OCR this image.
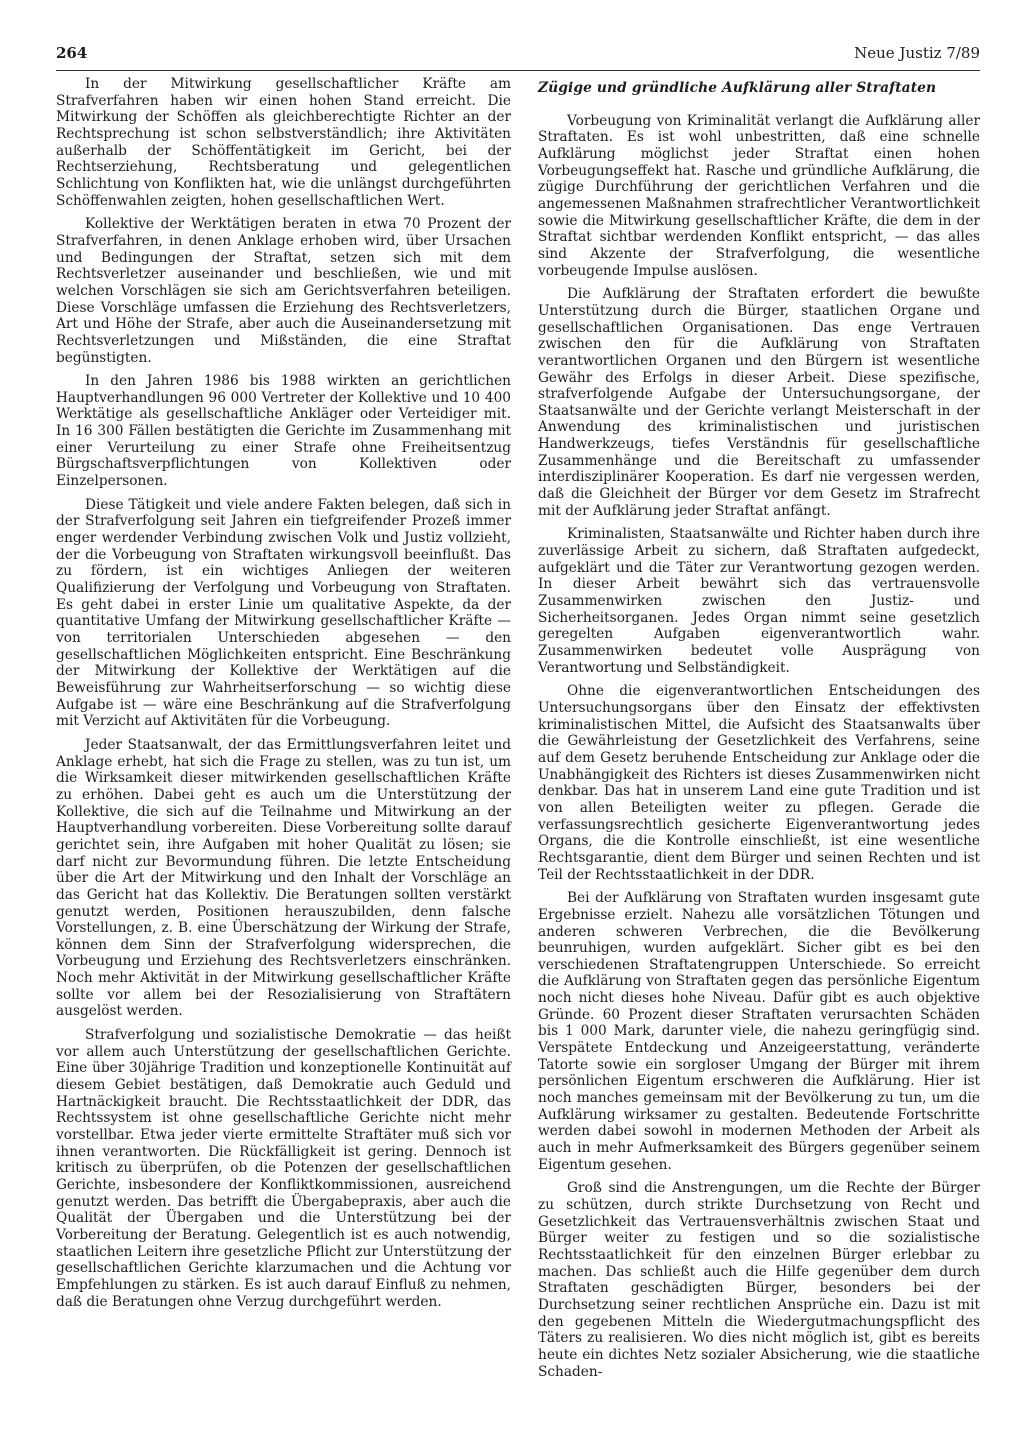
264	Neue Justiz 7/89

In der Mitwirkung gesellschaftlicher Kräfte am Strafverfahren haben wir einen hohen Stand erreicht. Die Mitwirkung der Schöffen als gleichberechtigte Richter an der Rechtsprechung ist schon selbstverständlich; ihre Aktivitäten außerhalb der Schöffentätigkeit im Gericht, bei der Rechtserziehung, Rechtsberatung und gelegentlichen Schlichtung von Konflikten hat, wie die unlängst durchgeführten Schöffenwahlen zeigten, hohen gesellschaftlichen Wert.

Kollektive der Werktätigen beraten in etwa 70 Prozent der Strafverfahren, in denen Anklage erhoben wird, über Ursachen und Bedingungen der Straftat, setzen sich mit dem Rechtsverletzer auseinander und beschließen, wie und mit welchen Vorschlägen sie sich am Gerichtsverfahren beteiligen. Diese Vorschläge umfassen die Erziehung des Rechtsverletzers, Art und Höhe der Strafe, aber auch die Auseinandersetzung mit Rechtsverletzungen und Mißständen, die eine Straftat begünstigten.

In den Jahren 1986 bis 1988 wirkten an gerichtlichen Hauptverhandlungen 96 000 Vertreter der Kollektive und 10 400 Werktätige als gesellschaftliche Ankläger oder Verteidiger mit. In 16 300 Fällen bestätigten die Gerichte im Zusammenhang mit einer Verurteilung zu einer Strafe ohne Freiheitsentzug Bürgschaftsverpflichtungen von Kollektiven oder Einzelpersonen.

Diese Tätigkeit und viele andere Fakten belegen, daß sich in der Strafverfolgung seit Jahren ein tiefgreifender Prozeß immer enger werdender Verbindung zwischen Volk und Justiz vollzieht, der die Vorbeugung von Straftaten wirkungsvoll beeinflußt. Das zu fördern, ist ein wichtiges Anliegen der weiteren Qualifizierung der Verfolgung und Vorbeugung von Straftaten. Es geht dabei in erster Linie um qualitative Aspekte, da der quantitative Umfang der Mitwirkung gesellschaftlicher Kräfte — von territorialen Unterschieden abgesehen — den gesellschaftlichen Möglichkeiten entspricht. Eine Beschränkung der Mitwirkung der Kollektive der Werktätigen auf die Beweisführung zur Wahrheitserforschung — so wichtig diese Aufgabe ist — wäre eine Beschränkung auf die Strafverfolgung mit Verzicht auf Aktivitäten für die Vorbeugung.

Jeder Staatsanwalt, der das Ermittlungsverfahren leitet und Anklage erhebt, hat sich die Frage zu stellen, was zu tun ist, um die Wirksamkeit dieser mitwirkenden gesellschaftlichen Kräfte zu erhöhen. Dabei geht es auch um die Unterstützung der Kollektive, die sich auf die Teilnahme und Mitwirkung an der Hauptverhandlung vorbereiten. Diese Vorbereitung sollte darauf gerichtet sein, ihre Aufgaben mit hoher Qualität zu lösen; sie darf nicht zur Bevormundung führen. Die letzte Entscheidung über die Art der Mitwirkung und den Inhalt der Vorschläge an das Gericht hat das Kollektiv. Die Beratungen sollten verstärkt genutzt werden, Positionen herauszubilden, denn falsche Vorstellungen, z. B. eine Überschätzung der Wirkung der Strafe, können dem Sinn der Strafverfolgung widersprechen, die Vorbeugung und Erziehung des Rechtsverletzers einschränken. Noch mehr Aktivität in der Mitwirkung gesellschaftlicher Kräfte sollte vor allem bei der Resozialisierung von Straftätern ausgelöst werden.

Strafverfolgung und sozialistische Demokratie — das heißt vor allem auch Unterstützung der gesellschaftlichen Gerichte. Eine über 30jährige Tradition und konzeptionelle Kontinuität auf diesem Gebiet bestätigen, daß Demokratie auch Geduld und Hartnäckigkeit braucht. Die Rechtsstaatlichkeit der DDR, das Rechtssystem ist ohne gesellschaftliche Gerichte nicht mehr vorstellbar. Etwa jeder vierte ermittelte Straftäter muß sich vor ihnen verantworten. Die Rückfälligkeit ist gering. Dennoch ist kritisch zu überprüfen, ob die Potenzen der gesellschaftlichen Gerichte, insbesondere der Konfliktkommissionen, ausreichend genutzt werden. Das betrifft die Übergabepraxis, aber auch die Qualität der Übergaben und die Unterstützung bei der Vorbereitung der Beratung. Gelegentlich ist es auch notwendig, staatlichen Leitern ihre gesetzliche Pflicht zur Unterstützung der gesellschaftlichen Gerichte klarzumachen und die Achtung vor Empfehlungen zu stärken. Es ist auch darauf Einfluß zu nehmen, daß die Beratungen ohne Verzug durchgeführt werden.

Zügige und gründliche Aufklärung aller Straftaten

Vorbeugung von Kriminalität verlangt die Aufklärung aller Straftaten. Es ist wohl unbestritten, daß eine schnelle Aufklärung möglichst jeder Straftat einen hohen Vorbeugungseffekt hat. Rasche und gründliche Aufklärung, die zügige Durchführung der gerichtlichen Verfahren und die angemessenen Maßnahmen strafrechtlicher Verantwortlichkeit sowie die Mitwirkung gesellschaftlicher Kräfte, die dem in der Straftat sichtbar werdenden Konflikt entspricht, — das alles sind Akzente der Strafverfolgung, die wesentliche vorbeugende Impulse auslösen.

Die Aufklärung der Straftaten erfordert die bewußte Unterstützung durch die Bürger, staatlichen Organe und gesellschaftlichen Organisationen. Das enge Vertrauen zwischen den für die Aufklärung von Straftaten verantwortlichen Organen und den Bürgern ist wesentliche Gewähr des Erfolgs in dieser Arbeit. Diese spezifische, strafverfolgende Aufgabe der Untersuchungsorgane, der Staatsanwälte und der Gerichte verlangt Meisterschaft in der Anwendung des kriminalistischen und juristischen Handwerkzeugs, tiefes Verständnis für gesellschaftliche Zusammenhänge und die Bereitschaft zu umfassender interdisziplinärer Kooperation. Es darf nie vergessen werden, daß die Gleichheit der Bürger vor dem Gesetz im Strafrecht mit der Aufklärung jeder Straftat anfängt.

Kriminalisten, Staatsanwälte und Richter haben durch ihre zuverlässige Arbeit zu sichern, daß Straftaten aufgedeckt, aufgeklärt und die Täter zur Verantwortung gezogen werden. In dieser Arbeit bewährt sich das vertrauensvolle Zusammenwirken zwischen den Justiz- und Sicherheitsorganen. Jedes Organ nimmt seine gesetzlich geregelten Aufgaben eigenverantwortlich wahr. Zusammenwirken bedeutet volle Ausprägung von Verantwortung und Selbständigkeit.

Ohne die eigenverantwortlichen Entscheidungen des Untersuchungsorgans über den Einsatz der effektivsten kriminalistischen Mittel, die Aufsicht des Staatsanwalts über die Gewährleistung der Gesetzlichkeit des Verfahrens, seine auf dem Gesetz beruhende Entscheidung zur Anklage oder die Unabhängigkeit des Richters ist dieses Zusammenwirken nicht denkbar. Das hat in unserem Land eine gute Tradition und ist von allen Beteiligten weiter zu pflegen. Gerade die verfassungsrechtlich gesicherte Eigenverantwortung jedes Organs, die die Kontrolle einschließt, ist eine wesentliche Rechtsgarantie, dient dem Bürger und seinen Rechten und ist Teil der Rechtsstaatlichkeit in der DDR.

Bei der Aufklärung von Straftaten wurden insgesamt gute Ergebnisse erzielt. Nahezu alle vorsätzlichen Tötungen und anderen schweren Verbrechen, die die Bevölkerung beunruhigen, wurden aufgeklärt. Sicher gibt es bei den verschiedenen Straftatengruppen Unterschiede. So erreicht die Aufklärung von Straftaten gegen das persönliche Eigentum noch nicht dieses hohe Niveau. Dafür gibt es auch objektive Gründe. 60 Prozent dieser Straftaten verursachten Schäden bis 1 000 Mark, darunter viele, die nahezu geringfügig sind. Verspätete Entdeckung und Anzeigeerstattung, veränderte Tatorte sowie ein sorgloser Umgang der Bürger mit ihrem persönlichen Eigentum erschweren die Aufklärung. Hier ist noch manches gemeinsam mit der Bevölkerung zu tun, um die Aufklärung wirksamer zu gestalten. Bedeutende Fortschritte werden dabei sowohl in modernen Methoden der Arbeit als auch in mehr Aufmerksamkeit des Bürgers gegenüber seinem Eigentum gesehen.

Groß sind die Anstrengungen, um die Rechte der Bürger zu schützen, durch strikte Durchsetzung von Recht und Gesetzlichkeit das Vertrauensverhältnis zwischen Staat und Bürger weiter zu festigen und so die sozialistische Rechtsstaatlichkeit für den einzelnen Bürger erlebbar zu machen. Das schließt auch die Hilfe gegenüber dem durch Straftaten geschädigten Bürger, besonders bei der Durchsetzung seiner rechtlichen Ansprüche ein. Dazu ist mit den gegebenen Mitteln die Wiedergutmachungspflicht des Täters zu realisieren. Wo dies nicht möglich ist, gibt es bereits heute ein dichtes Netz sozialer Absicherung, wie die staatliche Schaden-
